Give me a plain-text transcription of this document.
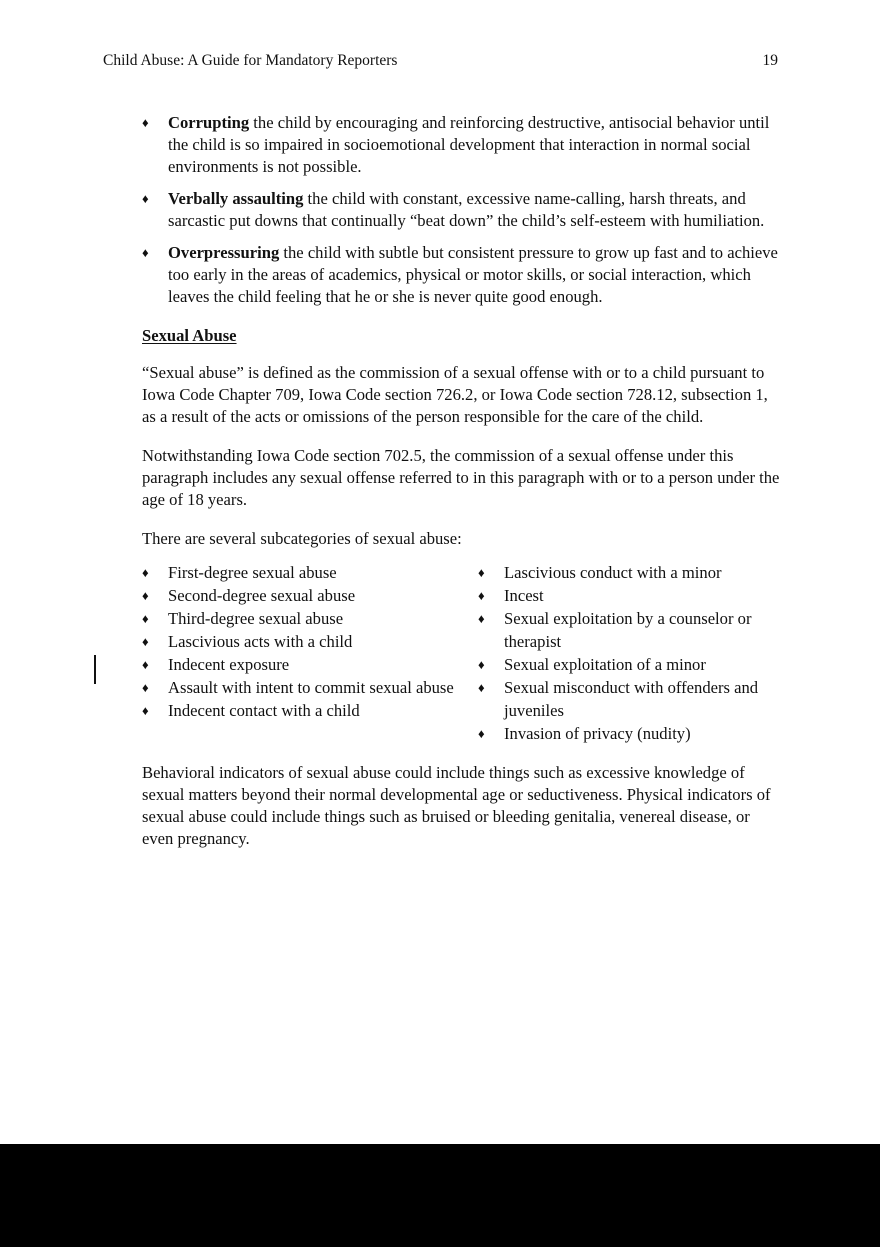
Child Abuse: A Guide for Mandatory Reporters	19
♦ Corrupting the child by encouraging and reinforcing destructive, antisocial behavior until the child is so impaired in socioemotional development that interaction in normal social environments is not possible.
♦ Verbally assaulting the child with constant, excessive name-calling, harsh threats, and sarcastic put downs that continually “beat down” the child’s self-esteem with humiliation.
♦ Overpressuring the child with subtle but consistent pressure to grow up fast and to achieve too early in the areas of academics, physical or motor skills, or social interaction, which leaves the child feeling that he or she is never quite good enough.
Sexual Abuse

“Sexual abuse” is defined as the commission of a sexual offense with or to a child pursuant to Iowa Code Chapter 709, Iowa Code section 726.2, or Iowa Code section 728.12, subsection 1, as a result of the acts or omissions of the person responsible for the care of the child.

Notwithstanding Iowa Code section 702.5, the commission of a sexual offense under this paragraph includes any sexual offense referred to in this paragraph with or to a person under the age of 18 years.

There are several subcategories of sexual abuse:

♦ First-degree sexual abuse
♦ Second-degree sexual abuse
♦ Third-degree sexual abuse
♦ Lascivious acts with a child
♦ Indecent exposure
♦ Assault with intent to commit sexual abuse
♦ Indecent contact with a child
♦ Lascivious conduct with a minor
♦ Incest
♦ Sexual exploitation by a counselor or therapist
♦ Sexual exploitation of a minor
♦ Sexual misconduct with offenders and juveniles
♦ Invasion of privacy (nudity)

Behavioral indicators of sexual abuse could include things such as excessive knowledge of sexual matters beyond their normal developmental age or seductiveness. Physical indicators of sexual abuse could include things such as bruised or bleeding genitalia, venereal disease, or even pregnancy.
